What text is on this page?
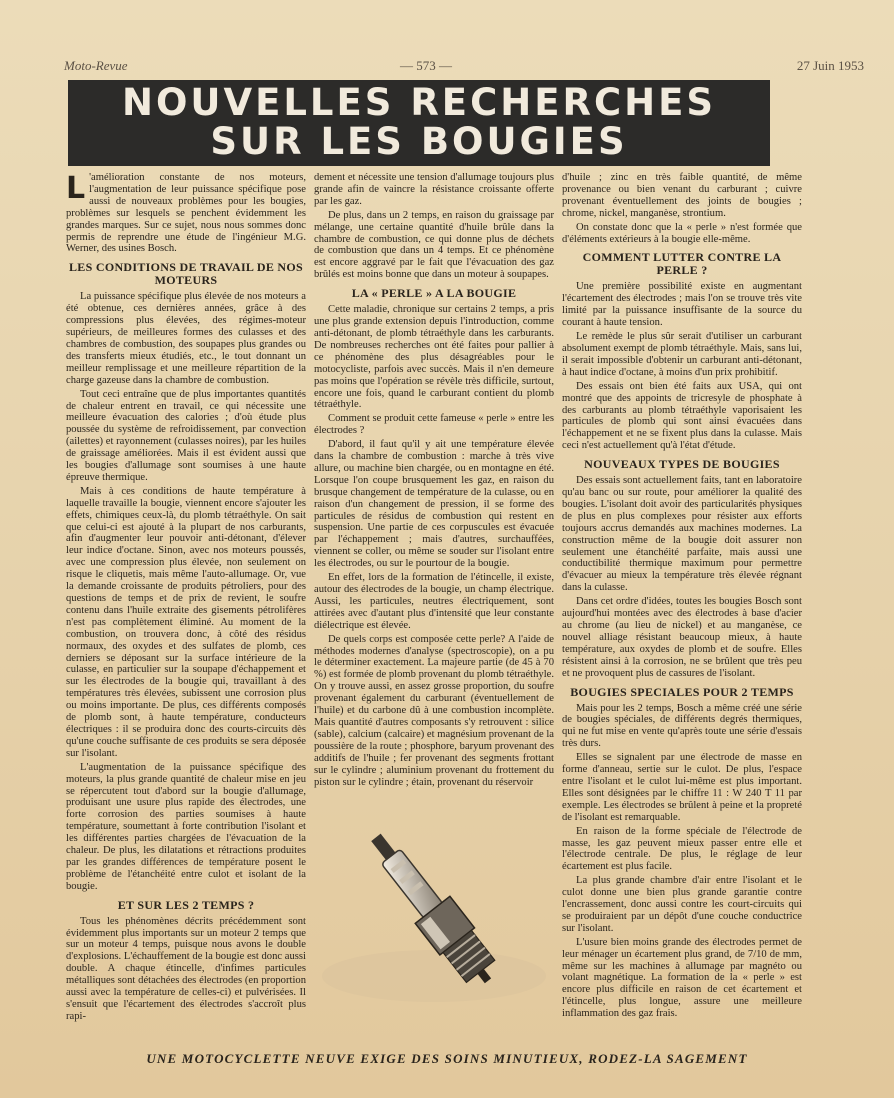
Moto-Revue	— 573 —	27 Juin 1953
NOUVELLES RECHERCHES
SUR LES BOUGIES

L 'amélioration constante de nos moteurs, l'augmentation de leur puissance spécifique pose aussi de nouveaux problèmes pour les bougies, problèmes sur lesquels se penchent évidemment les grandes marques. Sur ce sujet, nous nous sommes donc permis de reprendre une étude de l'ingénieur M.G. Werner, des usines Bosch.

LES CONDITIONS DE TRAVAIL DE NOS MOTEURS

La puissance spécifique plus élevée de nos moteurs a été obtenue, ces dernières années, grâce à des compressions plus élevées, des régimes-moteur supérieurs, de meilleures formes des culasses et des chambres de combustion, des soupapes plus grandes ou des transferts mieux étudiés, etc., le tout donnant un meilleur remplissage et une meilleure répartition de la charge gazeuse dans la chambre de combustion.

Tout ceci entraîne que de plus importantes quantités de chaleur entrent en travail, ce qui nécessite une meilleure évacuation des calories ; d'où étude plus poussée du système de refroidissement, par convection (ailettes) et rayonnement (culasses noires), par les huiles de graissage améliorées. Mais il est évident aussi que les bougies d'allumage sont soumises à une haute épreuve thermique.

Mais à ces conditions de haute température à laquelle travaille la bougie, viennent encore s'ajouter les effets, chimiques ceux-là, du plomb tétraéthyle. On sait que celui-ci est ajouté à la plupart de nos carburants, afin d'augmenter leur pouvoir anti-détonant, d'élever leur indice d'octane. Sinon, avec nos moteurs poussés, avec une compression plus élevée, non seulement on risque le cliquetis, mais même l'auto-allumage. Or, vue la demande croissante de produits pétroliers, pour des questions de temps et de prix de revient, le soufre contenu dans l'huile extraite des gisements pétrolifères n'est pas complètement éliminé. Au moment de la combustion, on trouvera donc, à côté des résidus normaux, des oxydes et des sulfates de plomb, ces derniers se déposant sur la surface intérieure de la culasse, en particulier sur la soupape d'échappement et sur les électrodes de la bougie qui, travaillant à des températures très élevées, subissent une corrosion plus ou moins importante. De plus, ces différents composés de plomb sont, à haute température, conducteurs électriques : il se produira donc des courts-circuits dès qu'une couche suffisante de ces produits se sera déposée sur l'isolant.

L'augmentation de la puissance spécifique des moteurs, la plus grande quantité de chaleur mise en jeu se répercutent tout d'abord sur la bougie d'allumage, produisant une usure plus rapide des électrodes, une forte corrosion des parties soumises à haute température, soumettant à forte contribution l'isolant et les différentes parties chargées de l'évacuation de la chaleur. De plus, les dilatations et rétractions produites par les grandes différences de température posent le problème de l'étanchéité entre culot et isolant de la bougie.

ET SUR LES 2 TEMPS ?

Tous les phénomènes décrits précédemment sont évidemment plus importants sur un moteur 2 temps que sur un moteur 4 temps, puisque nous avons le double d'explosions. L'échauffement de la bougie est donc aussi double. A chaque étincelle, d'infimes particules métalliques sont détachées des électrodes (en proportion aussi avec la température de celles-ci) et pulvérisées. Il s'ensuit que l'écartement des électrodes s'accroît plus rapi-

dement et nécessite une tension d'allumage toujours plus grande afin de vaincre la résistance croissante offerte par les gaz.

De plus, dans un 2 temps, en raison du graissage par mélange, une certaine quantité d'huile brûle dans la chambre de combustion, ce qui donne plus de déchets de combustion que dans un 4 temps. Et ce phénomène est encore aggravé par le fait que l'évacuation des gaz brûlés est moins bonne que dans un moteur à soupapes.

LA « PERLE » A LA BOUGIE

Cette maladie, chronique sur certains 2 temps, a pris une plus grande extension depuis l'introduction, comme anti-détonant, de plomb tétraéthyle dans les carburants. De nombreuses recherches ont été faites pour pallier à ce phénomène des plus désagréables pour le motocycliste, parfois avec succès. Mais il n'en demeure pas moins que l'opération se révèle très difficile, surtout, encore une fois, quand le carburant contient du plomb tétraéthyle.

Comment se produit cette fameuse « perle » entre les électrodes ?

D'abord, il faut qu'il y ait une température élevée dans la chambre de combustion : marche à très vive allure, ou machine bien chargée, ou en montagne en été. Lorsque l'on coupe brusquement les gaz, en raison du brusque changement de température de la culasse, ou en raison d'un changement de pression, il se forme des particules de résidus de combustion qui restent en suspension. Une partie de ces corpuscules est évacuée par l'échappement ; mais d'autres, surchauffées, viennent se coller, ou même se souder sur l'isolant entre les électrodes, ou sur le pourtour de la bougie.

En effet, lors de la formation de l'étincelle, il existe, autour des électrodes de la bougie, un champ électrique. Aussi, les particules, neutres électriquement, sont attirées avec d'autant plus d'intensité que leur constante diélectrique est élevée.

De quels corps est composée cette perle? A l'aide de méthodes modernes d'analyse (spectroscopie), on a pu le déterminer exactement. La majeure partie (de 45 à 70 %) est formée de plomb provenant du plomb tétraéthyle. On y trouve aussi, en assez grosse proportion, du soufre provenant également du carburant (éventuellement de l'huile) et du carbone dû à une combustion incomplète. Mais quantité d'autres composants s'y retrouvent : silice (sable), calcium (calcaire) et magnésium provenant de la poussière de la route ; phosphore, baryum provenant des additifs de l'huile ; fer provenant des segments frottant sur le cylindre ; aluminium provenant du frottement du piston sur le cylindre ; étain, provenant du réservoir

d'huile ; zinc en très faible quantité, de même provenance ou bien venant du carburant ; cuivre provenant éventuellement des joints de bougies ; chrome, nickel, manganèse, strontium.

On constate donc que la « perle » n'est formée que d'éléments extérieurs à la bougie elle-même.

COMMENT LUTTER CONTRE LA PERLE ?

Une première possibilité existe en augmentant l'écartement des électrodes ; mais l'on se trouve très vite limité par la puissance insuffisante de la source du courant à haute tension.

Le remède le plus sûr serait d'utiliser un carburant absolument exempt de plomb tétraéthyle. Mais, sans lui, il serait impossible d'obtenir un carburant anti-détonant, à haut indice d'octane, à moins d'un prix prohibitif.

Des essais ont bien été faits aux USA, qui ont montré que des appoints de tricresyle de phosphate à des carburants au plomb tétraéthyle vaporisaient les particules de plomb qui sont ainsi évacuées dans l'échappement et ne se fixent plus dans la culasse. Mais ceci n'est actuellement qu'à l'état d'étude.

NOUVEAUX TYPES DE BOUGIES

Des essais sont actuellement faits, tant en laboratoire qu'au banc ou sur route, pour améliorer la qualité des bougies. L'isolant doit avoir des particularités physiques de plus en plus complexes pour résister aux efforts toujours accrus demandés aux machines modernes. La construction même de la bougie doit assurer non seulement une étanchéité parfaite, mais aussi une conductibilité thermique maximum pour permettre d'évacuer au mieux la température très élevée régnant dans la culasse.

Dans cet ordre d'idées, toutes les bougies Bosch sont aujourd'hui montées avec des électrodes à base d'acier au chrome (au lieu de nickel) et au manganèse, ce nouvel alliage résistant beaucoup mieux, à haute température, aux oxydes de plomb et de soufre. Elles résistent ainsi à la corrosion, ne se brûlent que très peu et ne provoquent plus de cassures de l'isolant.

BOUGIES SPECIALES POUR 2 TEMPS

Mais pour les 2 temps, Bosch a même créé une série de bougies spéciales, de différents degrés thermiques, qui ne fut mise en vente qu'après toute une série d'essais très durs.

Elles se signalent par une électrode de masse en forme d'anneau, sertie sur le culot. De plus, l'espace entre l'isolant et le culot lui-même est plus important. Elles sont désignées par le chiffre 11 : W 240 T 11 par exemple. Les électrodes se brûlent à peine et la propreté de l'isolant est remarquable.

En raison de la forme spéciale de l'électrode de masse, les gaz peuvent mieux passer entre elle et l'électrode centrale. De plus, le réglage de leur écartement est plus facile.

La plus grande chambre d'air entre l'isolant et le culot donne une bien plus grande garantie contre l'encrassement, donc aussi contre les court-circuits qui se produiraient par un dépôt d'une couche conductrice sur l'isolant.

L'usure bien moins grande des électrodes permet de leur ménager un écartement plus grand, de 7/10 de mm, même sur les machines à allumage par magnéto ou volant magnétique. La formation de la « perle » est encore plus difficile en raison de cet écartement et l'étincelle, plus longue, assure une meilleure inflammation des gaz frais.

UNE MOTOCYCLETTE NEUVE EXIGE DES SOINS MINUTIEUX, RODEZ-LA SAGEMENT
